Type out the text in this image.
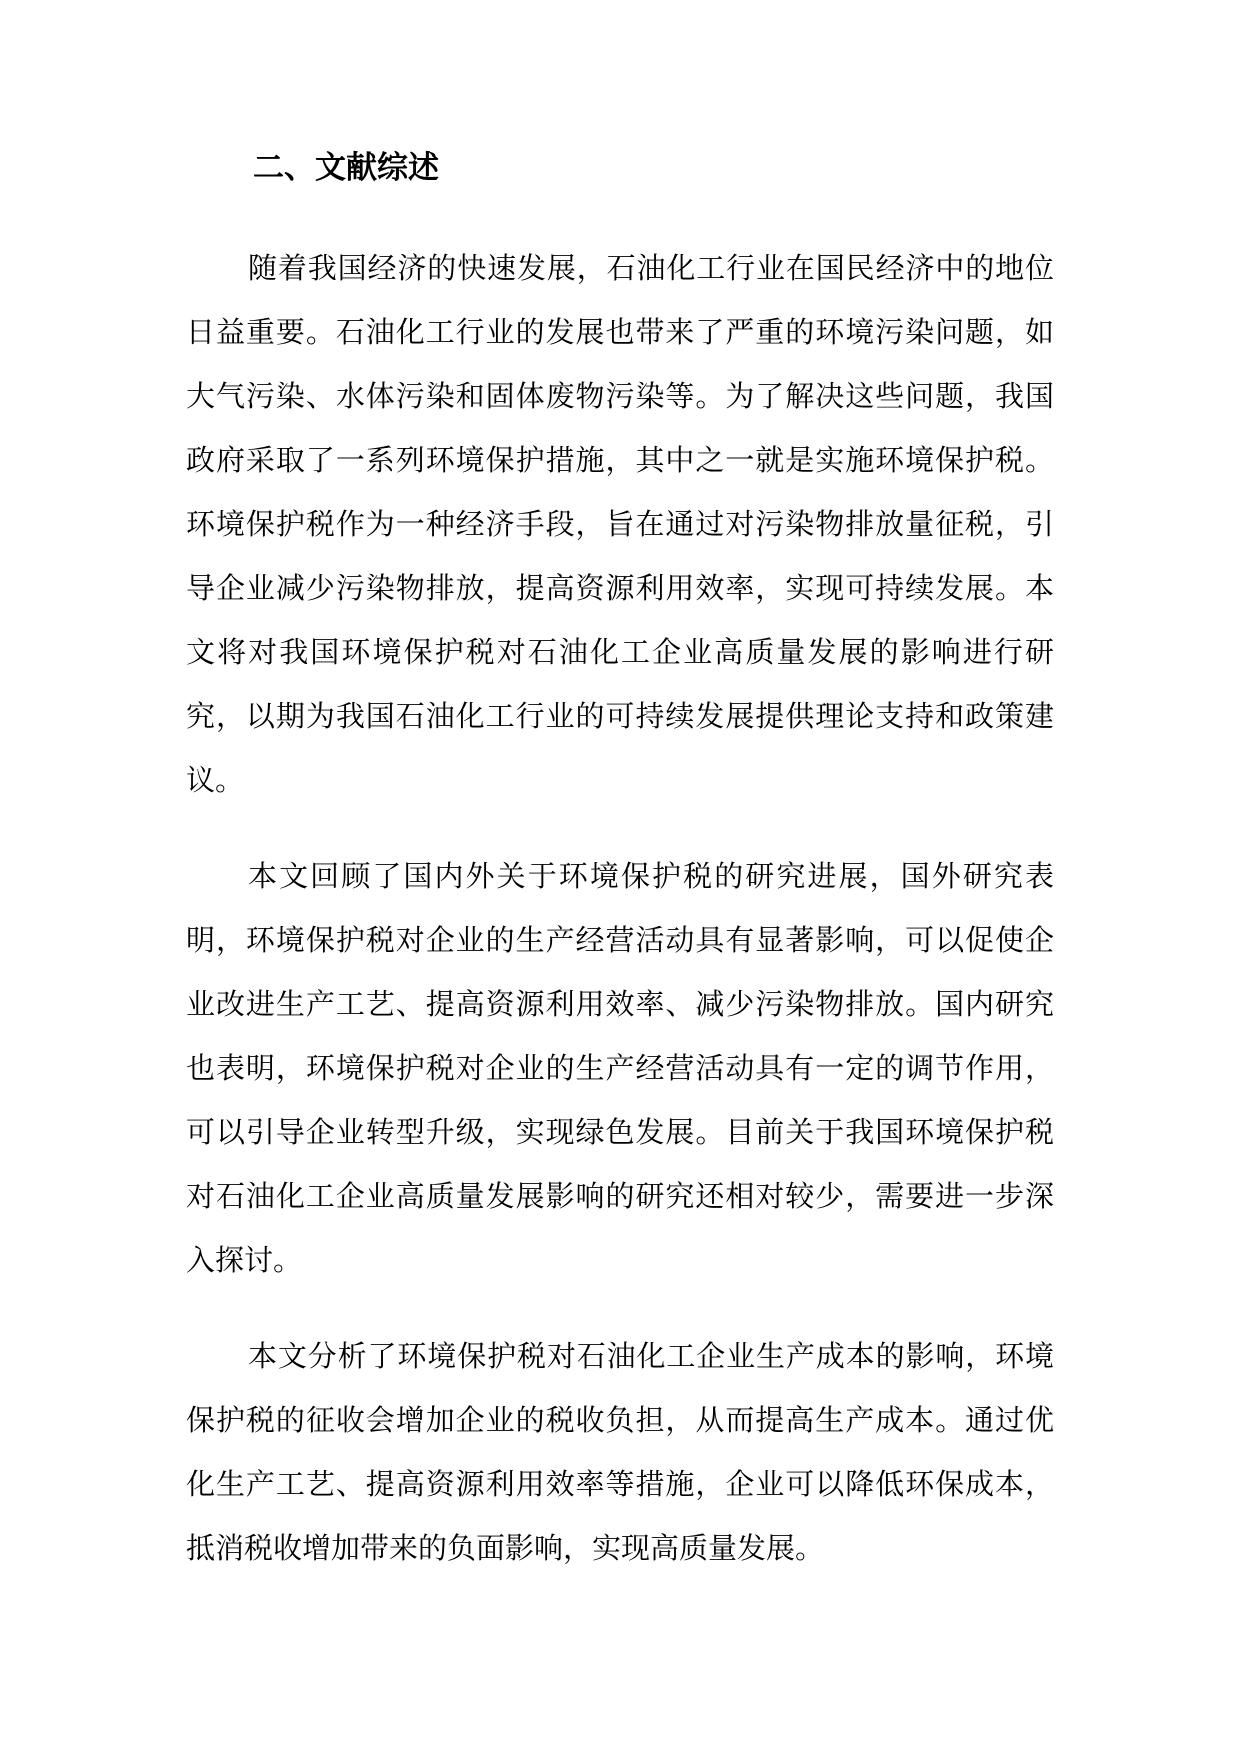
二、文献综述

随着我国经济的快速发展，石油化工行业在国民经济中的地位日益重要。石油化工行业的发展也带来了严重的环境污染问题，如大气污染、水体污染和固体废物污染等。为了解决这些问题，我国政府采取了一系列环境保护措施，其中之一就是实施环境保护税。环境保护税作为一种经济手段，旨在通过对污染物排放量征税，引导企业减少污染物排放，提高资源利用效率，实现可持续发展。本文将对我国环境保护税对石油化工企业高质量发展的影响进行研究，以期为我国石油化工行业的可持续发展提供理论支持和政策建议。

本文回顾了国内外关于环境保护税的研究进展，国外研究表明，环境保护税对企业的生产经营活动具有显著影响，可以促使企业改进生产工艺、提高资源利用效率、减少污染物排放。国内研究也表明，环境保护税对企业的生产经营活动具有一定的调节作用，可以引导企业转型升级，实现绿色发展。目前关于我国环境保护税对石油化工企业高质量发展影响的研究还相对较少，需要进一步深入探讨。

本文分析了环境保护税对石油化工企业生产成本的影响，环境保护税的征收会增加企业的税收负担，从而提高生产成本。通过优化生产工艺、提高资源利用效率等措施，企业可以降低环保成本，抵消税收增加带来的负面影响，实现高质量发展。
